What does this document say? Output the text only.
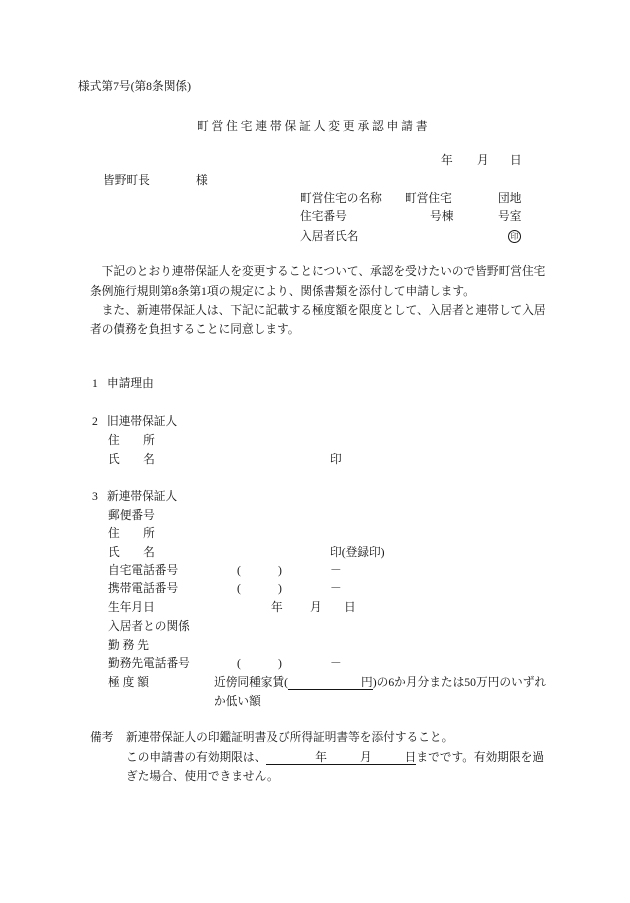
様式第7号(第8条関係)
町営住宅連帯保証人変更承認申請書
年 月 日
皆野町長	様
町営住宅の名称 町営住宅	団地
住宅番号	号棟	号室
入居者氏名	印
下記のとおり連帯保証人を変更することについて、承認を受けたいので皆野町営住宅
条例施行規則第8条第1項の規定により、関係書類を添付して申請します。
また、新連帯保証人は、下記に記載する極度額を限度として、入居者と連帯して入居
者の債務を負担することに同意します。
1 申請理由
2 旧連帯保証人
住　　所
氏　　名	印
3 新連帯保証人
郵便番号
住　　所
氏　　名	印(登録印)
自宅電話番号	(	)	－
携帯電話番号	(	)	－
生年月日	年 月 日
入居者との関係
勤 務 先
勤務先電話番号	(	)	－
極 度 額	近傍同種家賃(	円)の6か月分または50万円のいずれ
か低い額
備考 新連帯保証人の印鑑証明書及び所得証明書等を添付すること。
この申請書の有効期限は、	年	月	日までです。有効期限を過
ぎた場合、使用できません。
